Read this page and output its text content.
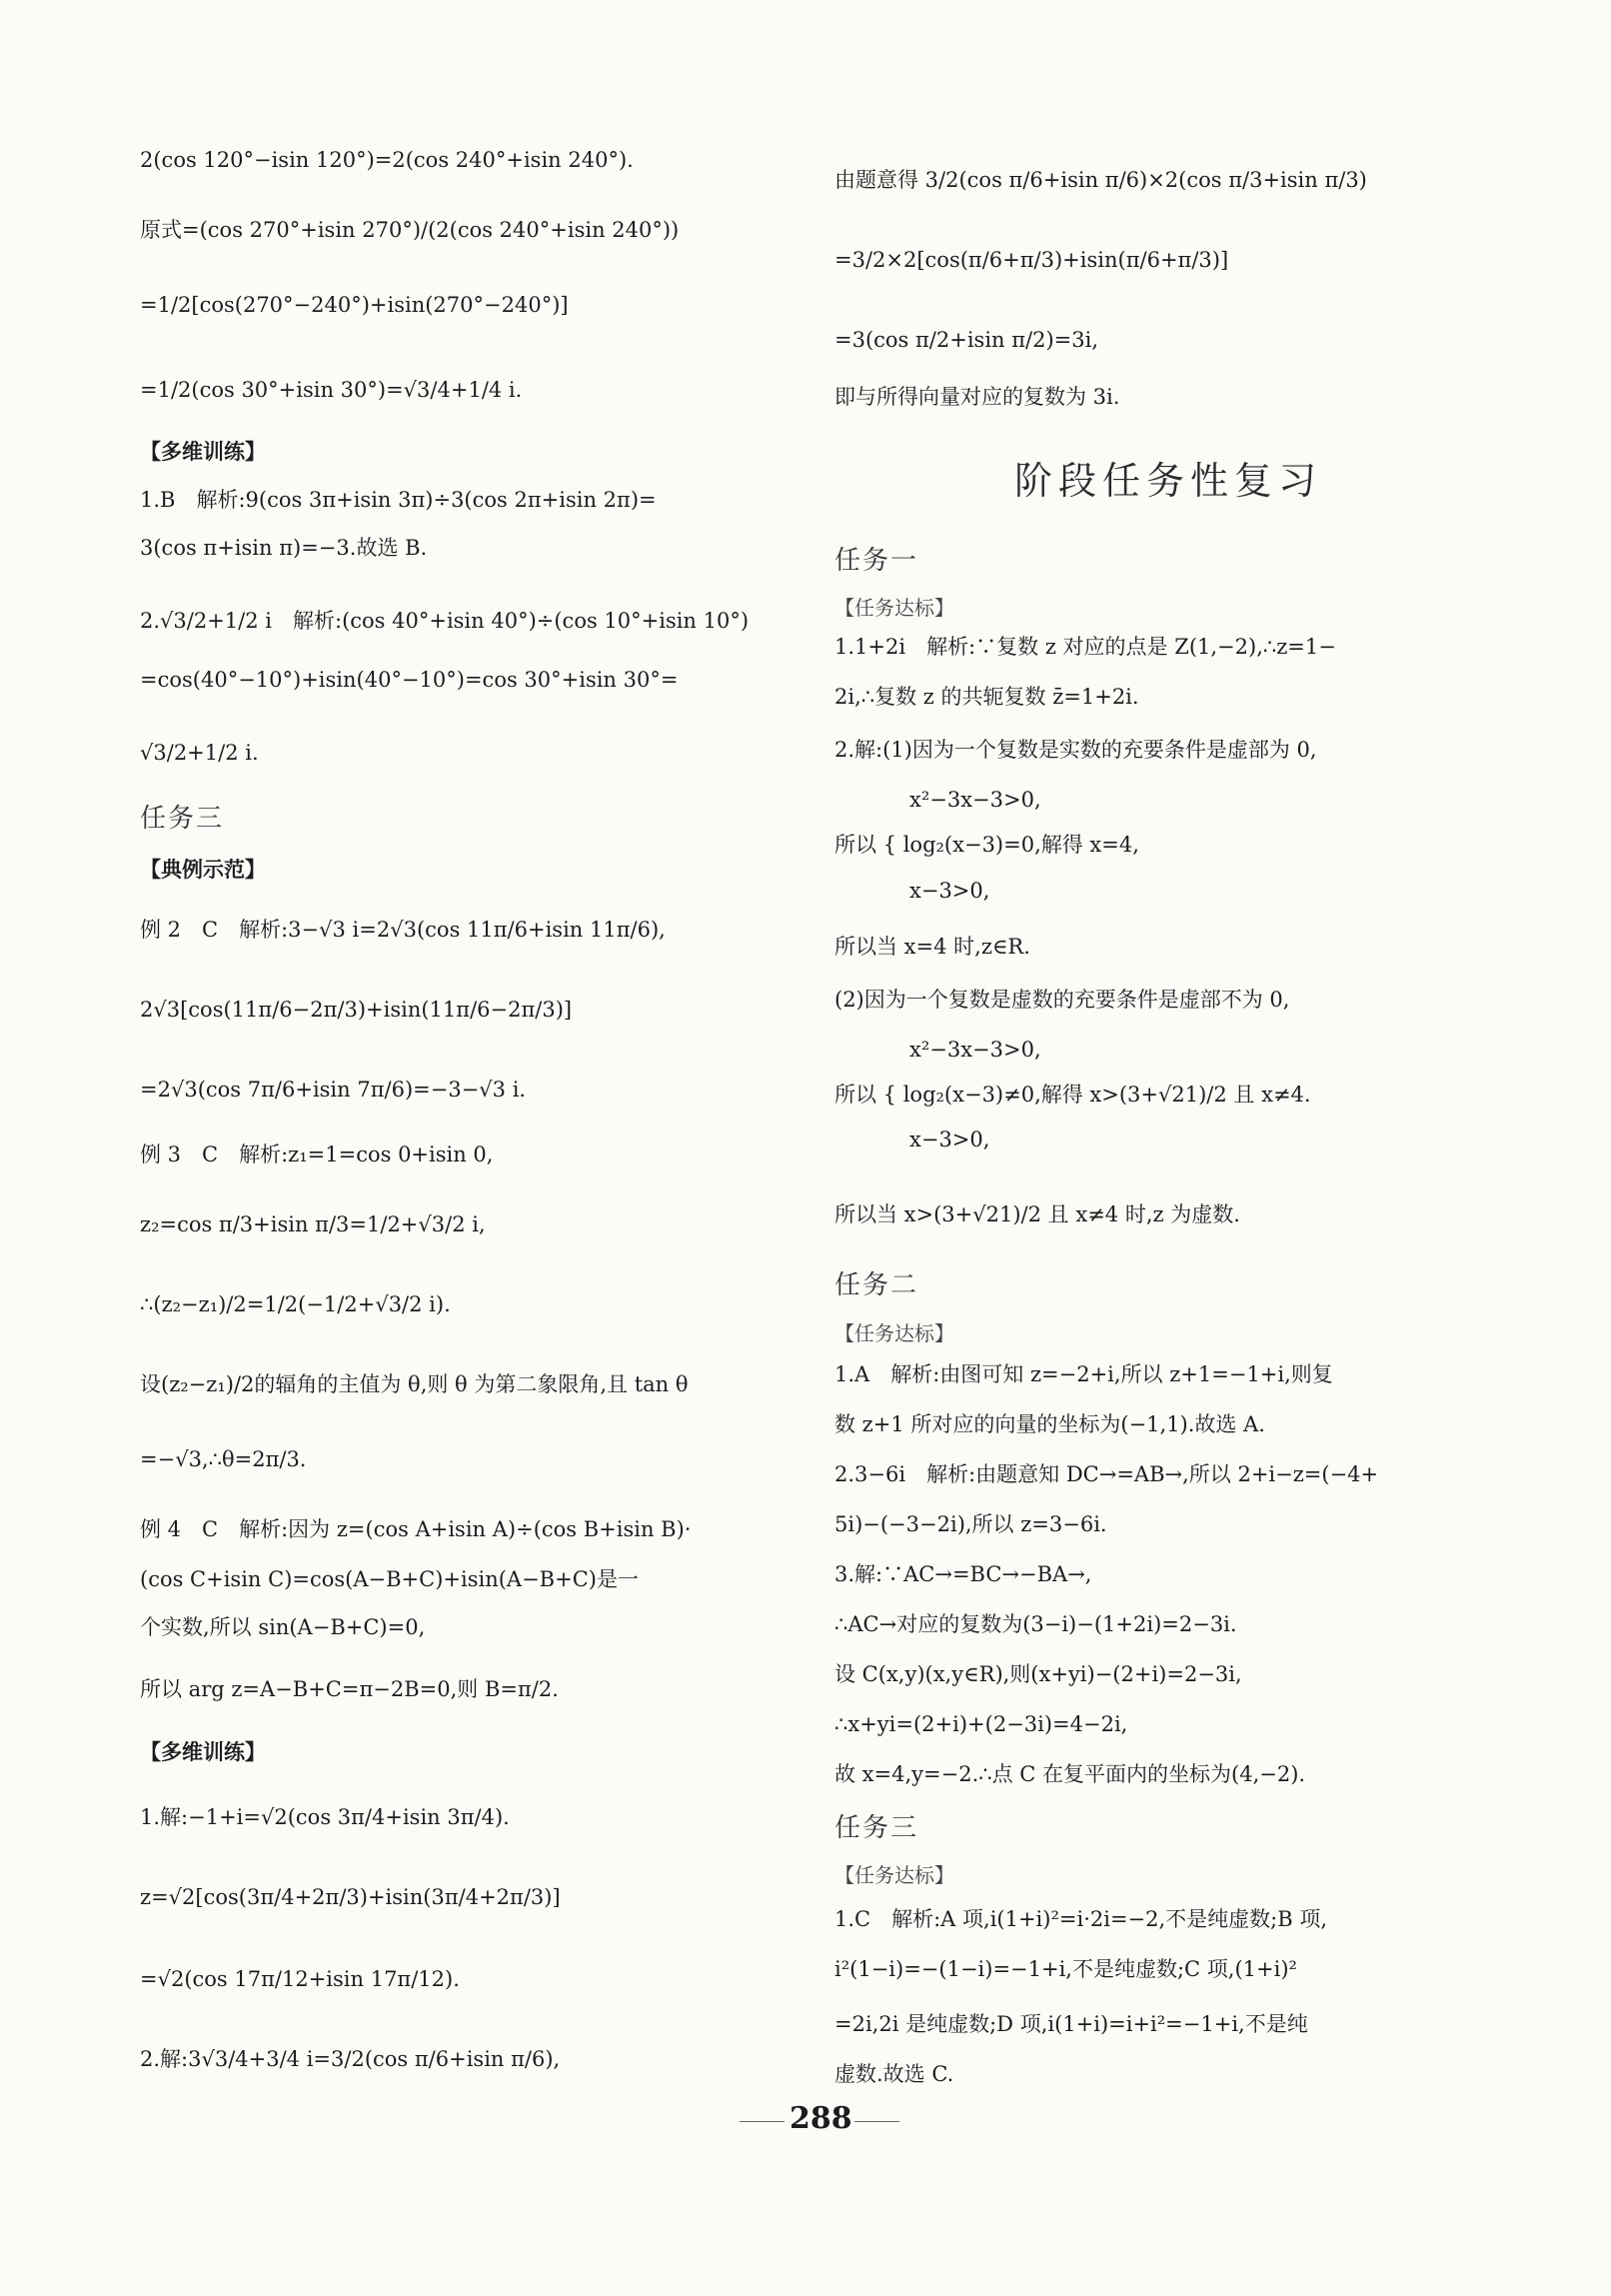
2(cos 120°−isin 120°)=2(cos 240°+isin 240°).
原式=(cos 270°+isin 270°)/(2(cos 240°+isin 240°))
=1/2[cos(270°−240°)+isin(270°−240°)]
=1/2(cos 30°+isin 30°)=√3/4+1/4 i.
【多维训练】
1.B　解析:9(cos 3π+isin 3π)÷3(cos 2π+isin 2π)=
3(cos π+isin π)=−3.故选 B.
2.√3/2+1/2 i　解析:(cos 40°+isin 40°)÷(cos 10°+isin 10°)
=cos(40°−10°)+isin(40°−10°)=cos 30°+isin 30°=
√3/2+1/2 i.
任务三
【典例示范】
例 2　C　解析:3−√3 i=2√3(cos 11π/6+isin 11π/6),
2√3[cos(11π/6−2π/3)+isin(11π/6−2π/3)]
=2√3(cos 7π/6+isin 7π/6)=−3−√3 i.
例 3　C　解析:z₁=1=cos 0+isin 0,
z₂=cos π/3+isin π/3=1/2+√3/2 i,
∴(z₂−z₁)/2=1/2(−1/2+√3/2 i).
设(z₂−z₁)/2的辐角的主值为 θ,则 θ 为第二象限角,且 tan θ
=−√3,∴θ=2π/3.
例 4　C　解析:因为 z=(cos A+isin A)÷(cos B+isin B)·
(cos C+isin C)=cos(A−B+C)+isin(A−B+C)是一
个实数,所以 sin(A−B+C)=0,
所以 arg z=A−B+C=π−2B=0,则 B=π/2.
【多维训练】
1.解:−1+i=√2(cos 3π/4+isin 3π/4).
z=√2[cos(3π/4+2π/3)+isin(3π/4+2π/3)]
=√2(cos 17π/12+isin 17π/12).
2.解:3√3/4+3/4 i=3/2(cos π/6+isin π/6),
由题意得 3/2(cos π/6+isin π/6)×2(cos π/3+isin π/3)
=3/2×2[cos(π/6+π/3)+isin(π/6+π/3)]
=3(cos π/2+isin π/2)=3i,
即与所得向量对应的复数为 3i.
阶段任务性复习
任务一
【任务达标】
1.1+2i　解析:∵复数 z 对应的点是 Z(1,−2),∴z=1−
2i,∴复数 z 的共轭复数 z̄=1+2i.
2.解:(1)因为一个复数是实数的充要条件是虚部为 0,
x²−3x−3>0,
所以 { log₂(x−3)=0,解得 x=4,
x−3>0,
所以当 x=4 时,z∈R.
(2)因为一个复数是虚数的充要条件是虚部不为 0,
x²−3x−3>0,
所以 { log₂(x−3)≠0,解得 x>(3+√21)/2 且 x≠4.
x−3>0,
所以当 x>(3+√21)/2 且 x≠4 时,z 为虚数.
任务二
【任务达标】
1.A　解析:由图可知 z=−2+i,所以 z+1=−1+i,则复
数 z+1 所对应的向量的坐标为(−1,1).故选 A.
2.3−6i　解析:由题意知 DC→=AB→,所以 2+i−z=(−4+
5i)−(−3−2i),所以 z=3−6i.
3.解:∵AC→=BC→−BA→,
∴AC→对应的复数为(3−i)−(1+2i)=2−3i.
设 C(x,y)(x,y∈R),则(x+yi)−(2+i)=2−3i,
∴x+yi=(2+i)+(2−3i)=4−2i,
故 x=4,y=−2.∴点 C 在复平面内的坐标为(4,−2).
任务三
【任务达标】
1.C　解析:A 项,i(1+i)²=i·2i=−2,不是纯虚数;B 项,
i²(1−i)=−(1−i)=−1+i,不是纯虚数;C 项,(1+i)²
=2i,2i 是纯虚数;D 项,i(1+i)=i+i²=−1+i,不是纯
虚数.故选 C.
288
